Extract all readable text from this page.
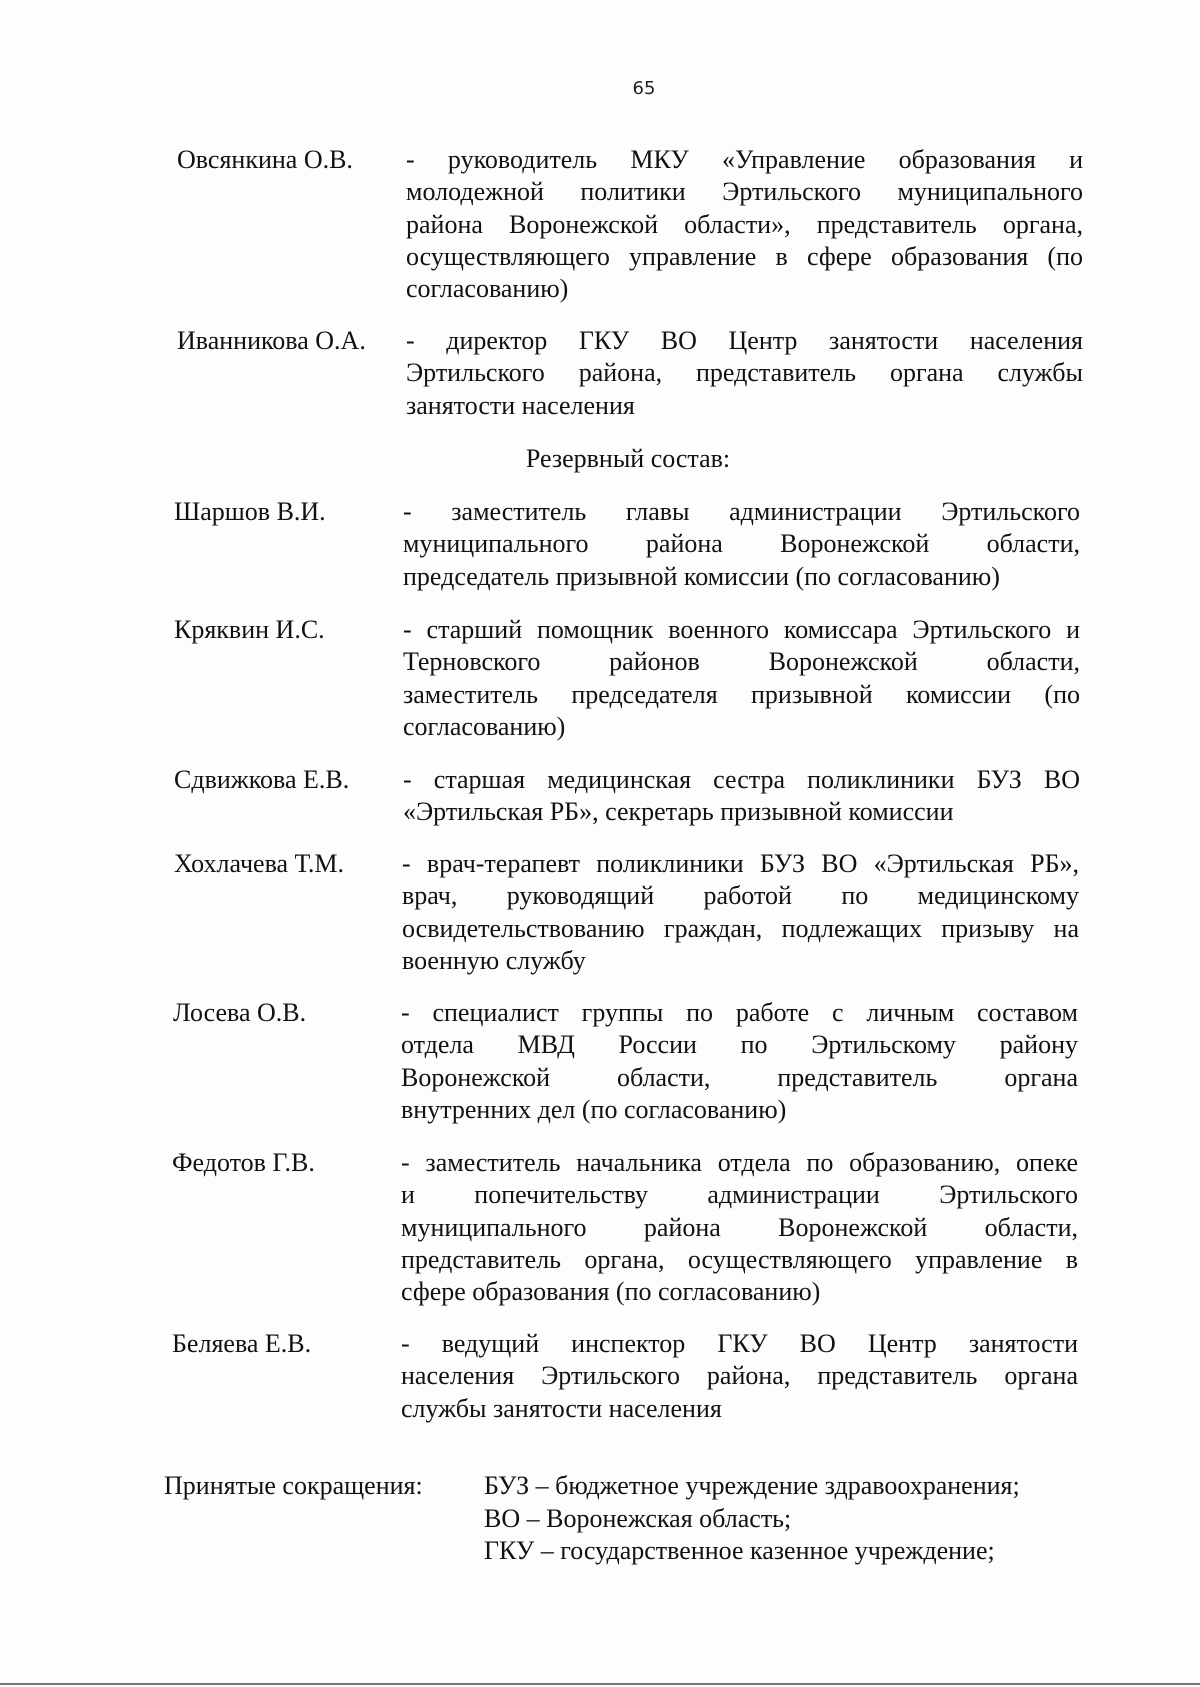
65
Резервный состав:
Принятые сокращения: БУЗ – бюджетное учреждение здравоохранения;
ВО – Воронежская область;
ГКУ – государственное казенное учреждение;
Овсянкина О.В. - руководитель МКУ «Управление образования и
молодежной политики Эртильского муниципального
района Воронежской области», представитель органа,
осуществляющего управление в сфере образования (по
согласованию)
Иванникова О.А. - директор ГКУ ВО Центр занятости населения
Эртильского района, представитель органа службы
занятости населения
Шаршов В.И.	- заместитель главы администрации Эртильского
муниципального района Воронежской области,
председатель призывной комиссии (по согласованию)
Кряквин И.С.	- старший помощник военного комиссара Эртильского и
Терновского районов Воронежской области,
заместитель председателя призывной комиссии (по
согласованию)
Сдвижкова Е.В. - старшая медицинская сестра поликлиники БУЗ ВО
«Эртильская РБ», секретарь призывной комиссии
Хохлачева Т.М. - врач-терапевт поликлиники БУЗ ВО «Эртильская РБ»,
врач, руководящий работой по медицинскому
освидетельствованию граждан, подлежащих призыву на
военную службу
Лосева О.В.	- специалист группы по работе с личным составом
отдела МВД России по Эртильскому району
Воронежской области, представитель органа
внутренних дел (по согласованию)
Федотов Г.В.	- заместитель начальника отдела по образованию, опеке
и попечительству администрации Эртильского
муниципального района Воронежской области,
представитель органа, осуществляющего управление в
сфере образования (по согласованию)
Беляева Е.В.	- ведущий инспектор ГКУ ВО Центр занятости
населения Эртильского района, представитель органа
службы занятости населения
